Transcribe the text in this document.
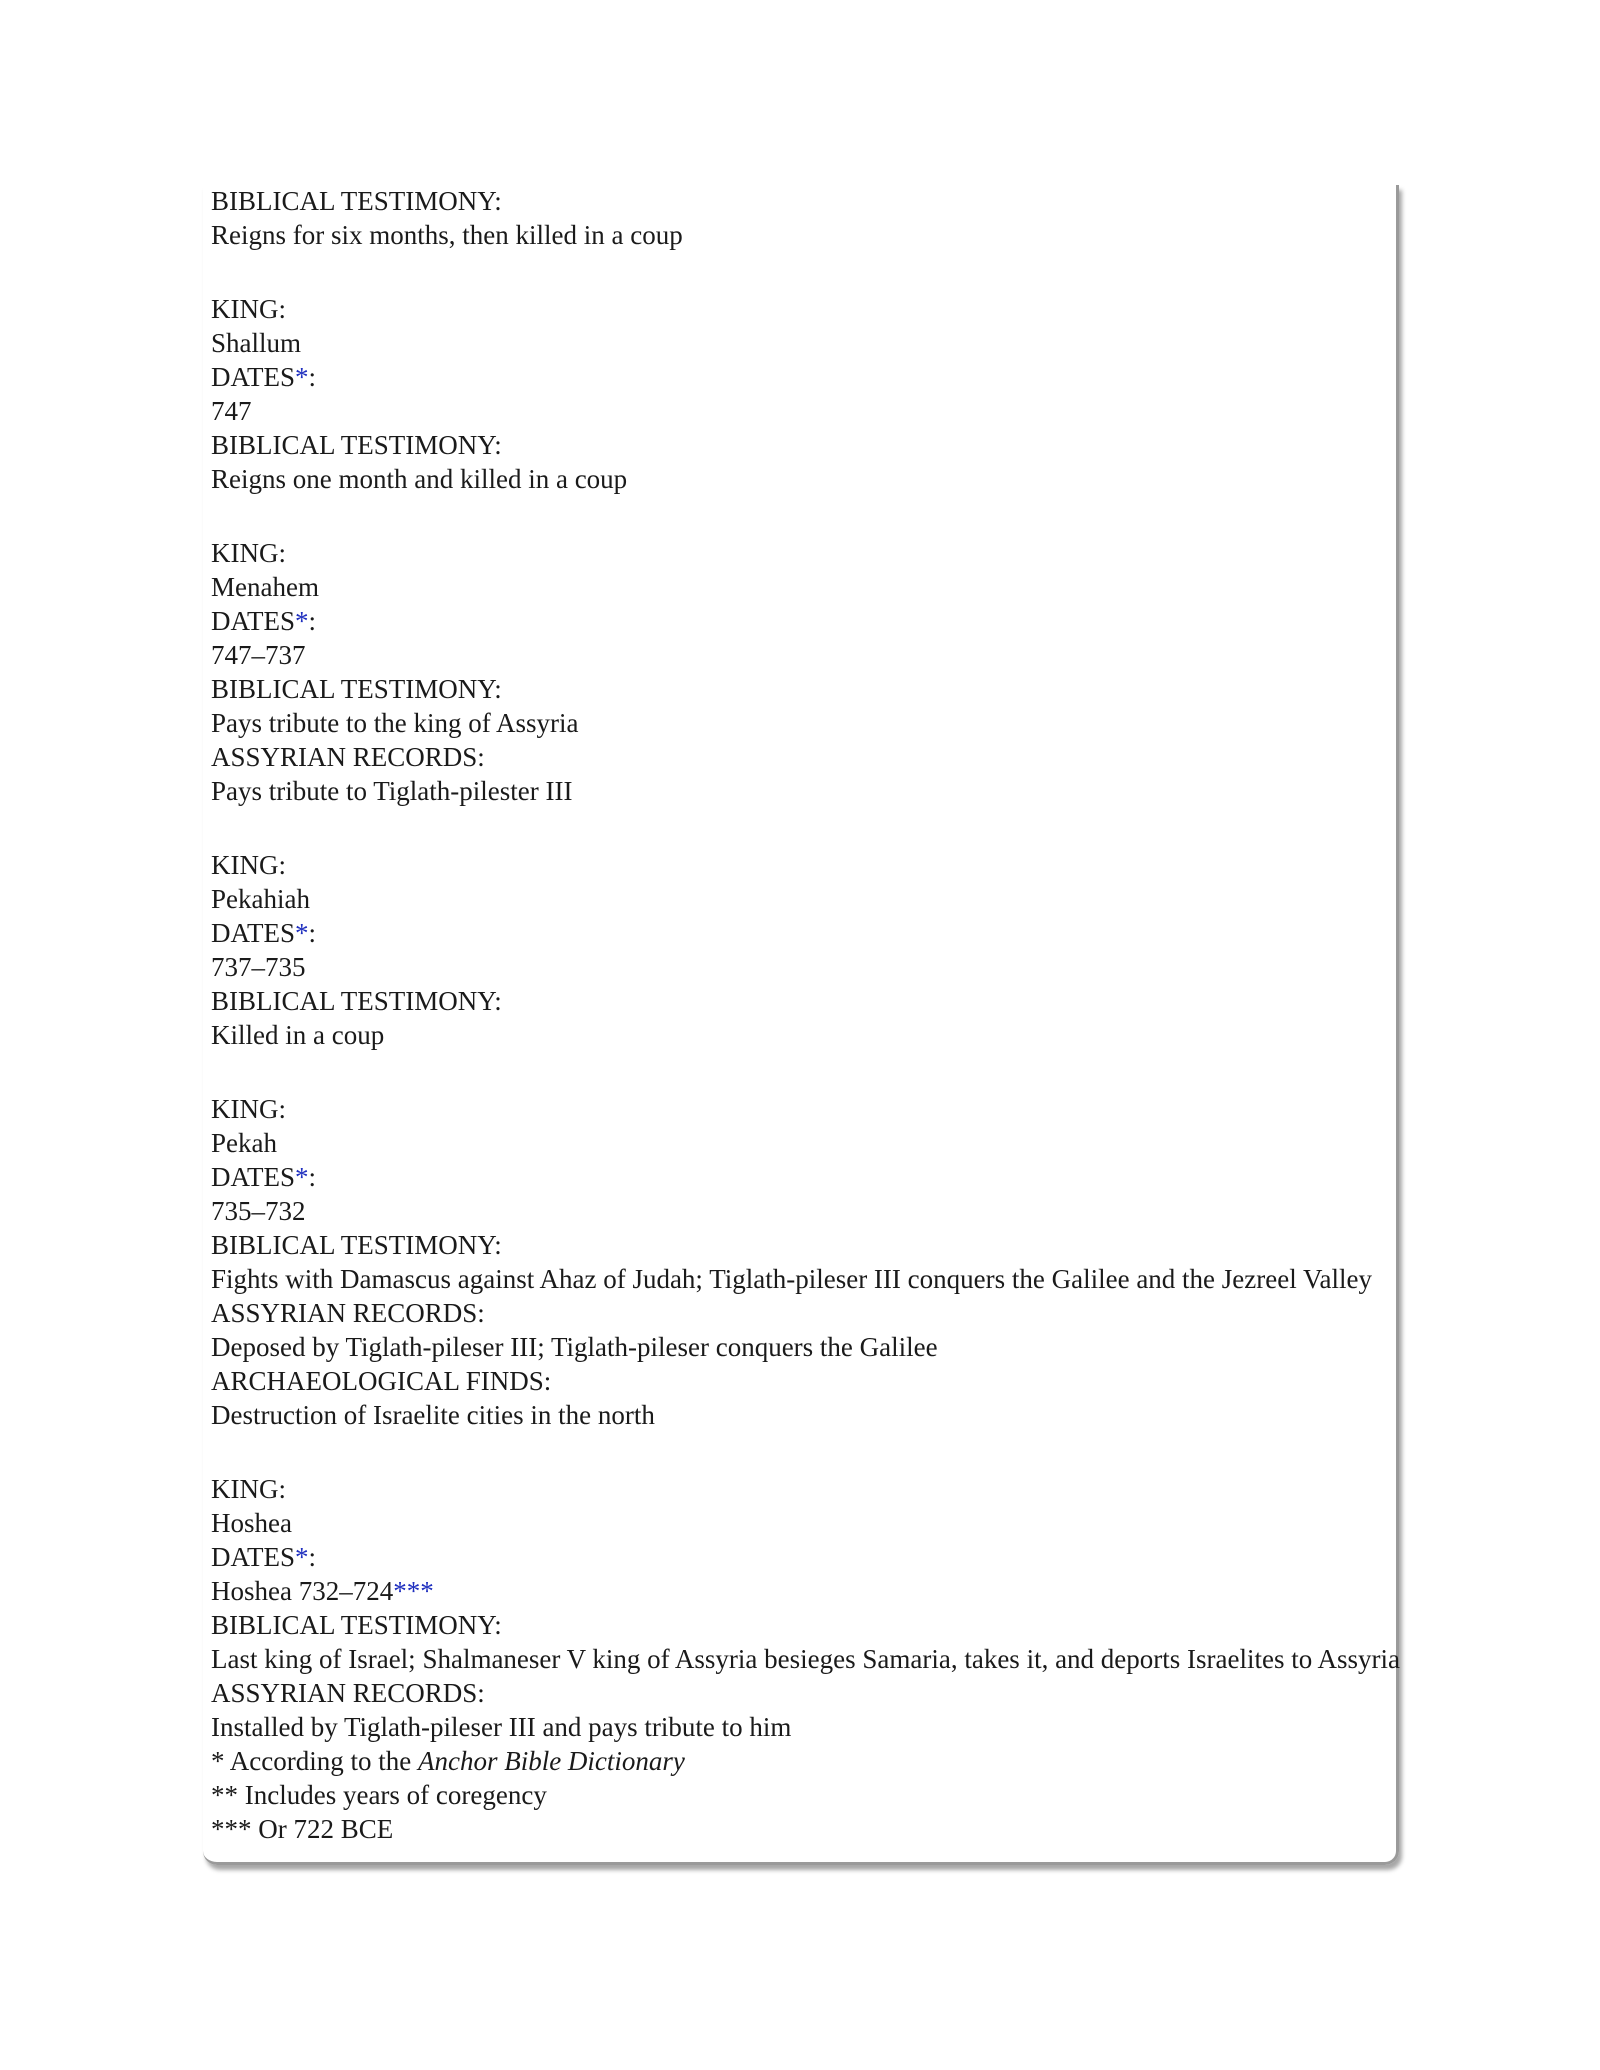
BIBLICAL TESTIMONY:
Reigns for six months, then killed in a coup
KING:
Shallum
DATES*:
747
BIBLICAL TESTIMONY:
Reigns one month and killed in a coup
KING:
Menahem
DATES*:
747–737
BIBLICAL TESTIMONY:
Pays tribute to the king of Assyria
ASSYRIAN RECORDS:
Pays tribute to Tiglath-pilester III
KING:
Pekahiah
DATES*:
737–735
BIBLICAL TESTIMONY:
Killed in a coup
KING:
Pekah
DATES*:
735–732
BIBLICAL TESTIMONY:
Fights with Damascus against Ahaz of Judah; Tiglath-pileser III conquers the Galilee and the Jezreel Valley
ASSYRIAN RECORDS:
Deposed by Tiglath-pileser III; Tiglath-pileser conquers the Galilee
ARCHAEOLOGICAL FINDS:
Destruction of Israelite cities in the north
KING:
Hoshea
DATES*:
Hoshea 732–724***
BIBLICAL TESTIMONY:
Last king of Israel; Shalmaneser V king of Assyria besieges Samaria, takes it, and deports Israelites to Assyria
ASSYRIAN RECORDS:
Installed by Tiglath-pileser III and pays tribute to him
* According to the Anchor Bible Dictionary
** Includes years of coregency
*** Or 722 BCE
